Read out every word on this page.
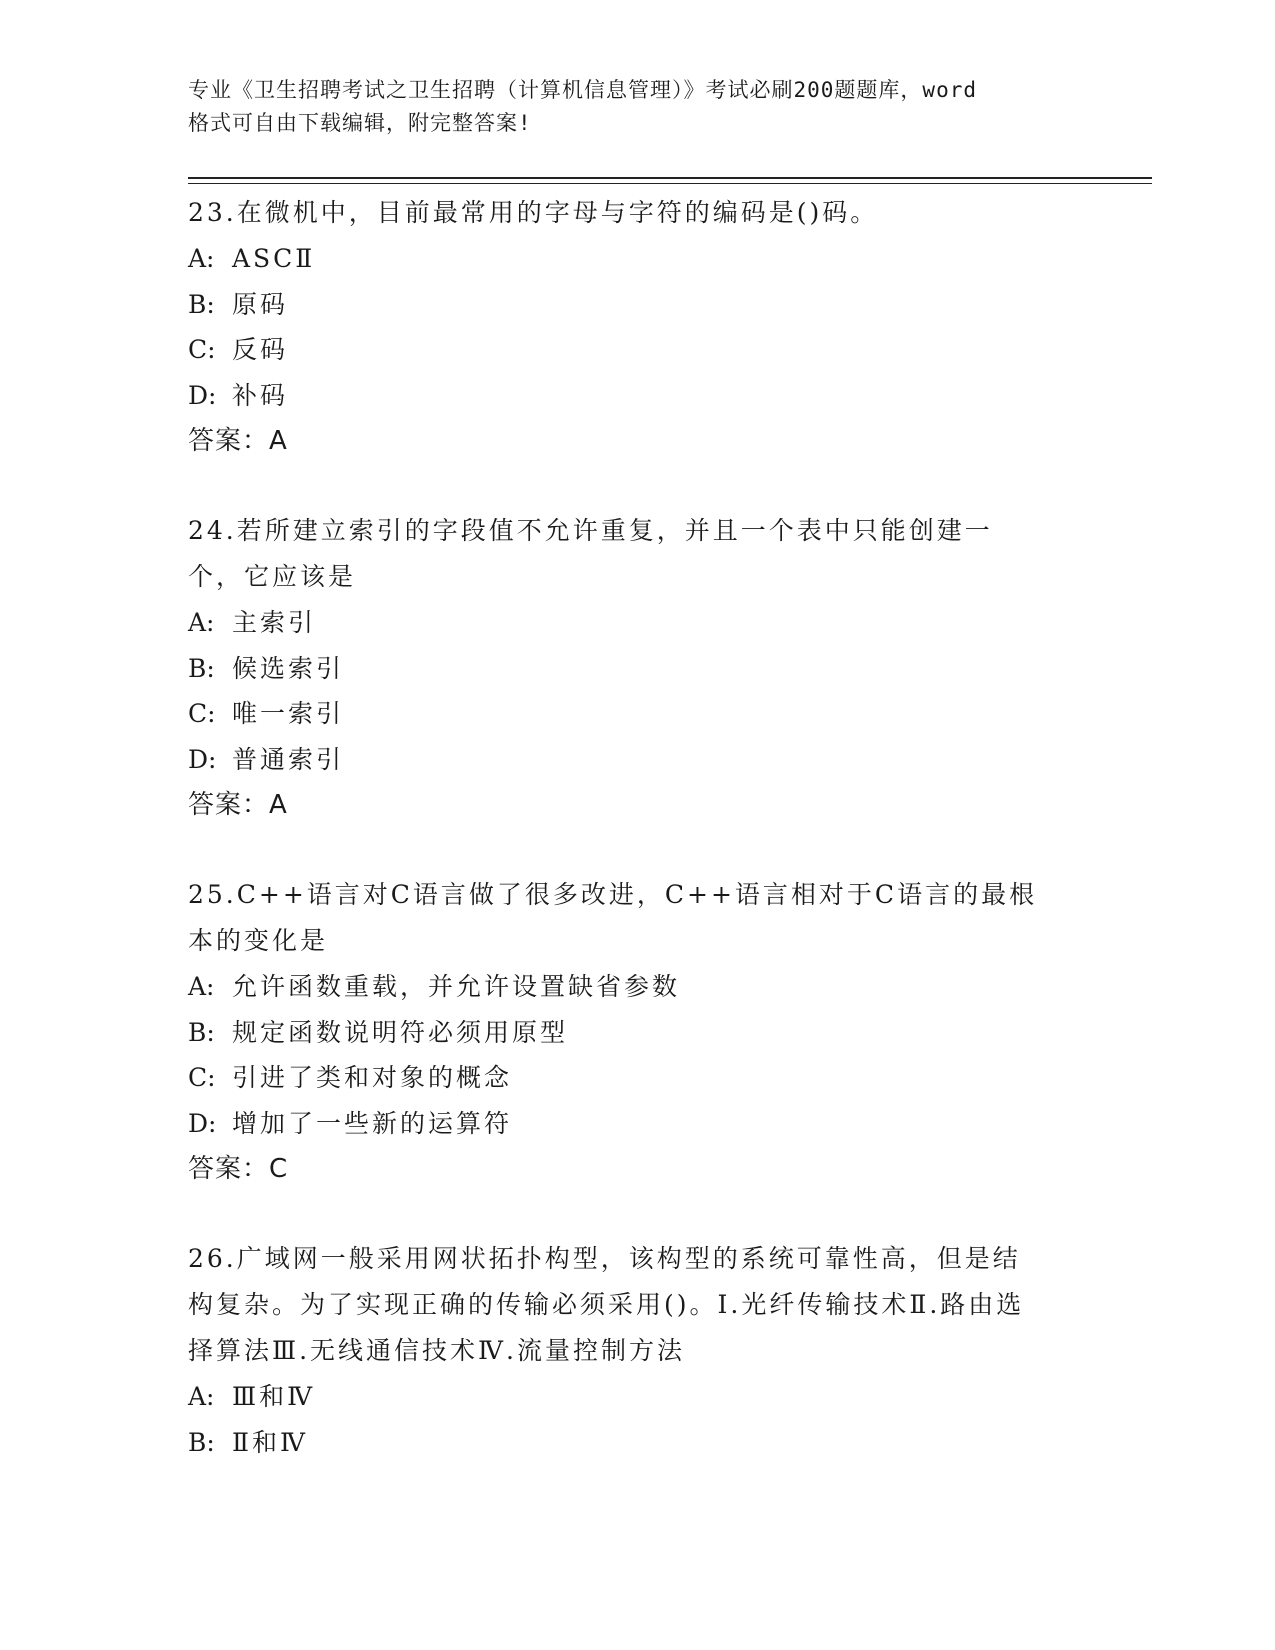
专业《卫生招聘考试之卫生招聘（计算机信息管理）》考试必刷200题题库，word
格式可自由下载编辑，附完整答案!
23.在微机中，目前最常用的字母与字符的编码是()码。
A: ASCⅡ
B: 原码
C: 反码
D: 补码
答案：A
24.若所建立索引的字段值不允许重复，并且一个表中只能创建一个，它应该是
A: 主索引
B: 候选索引
C: 唯一索引
D: 普通索引
答案：A
25.C++语言对C语言做了很多改进，C++语言相对于C语言的最根本的变化是
A: 允许函数重载，并允许设置缺省参数
B: 规定函数说明符必须用原型
C: 引进了类和对象的概念
D: 增加了一些新的运算符
答案：C
26.广域网一般采用网状拓扑构型，该构型的系统可靠性高，但是结构复杂。为了实现正确的传输必须采用()。Ⅰ.光纤传输技术Ⅱ.路由选择算法Ⅲ.无线通信技术Ⅳ.流量控制方法
A: Ⅲ和Ⅳ
B: Ⅱ和Ⅳ
